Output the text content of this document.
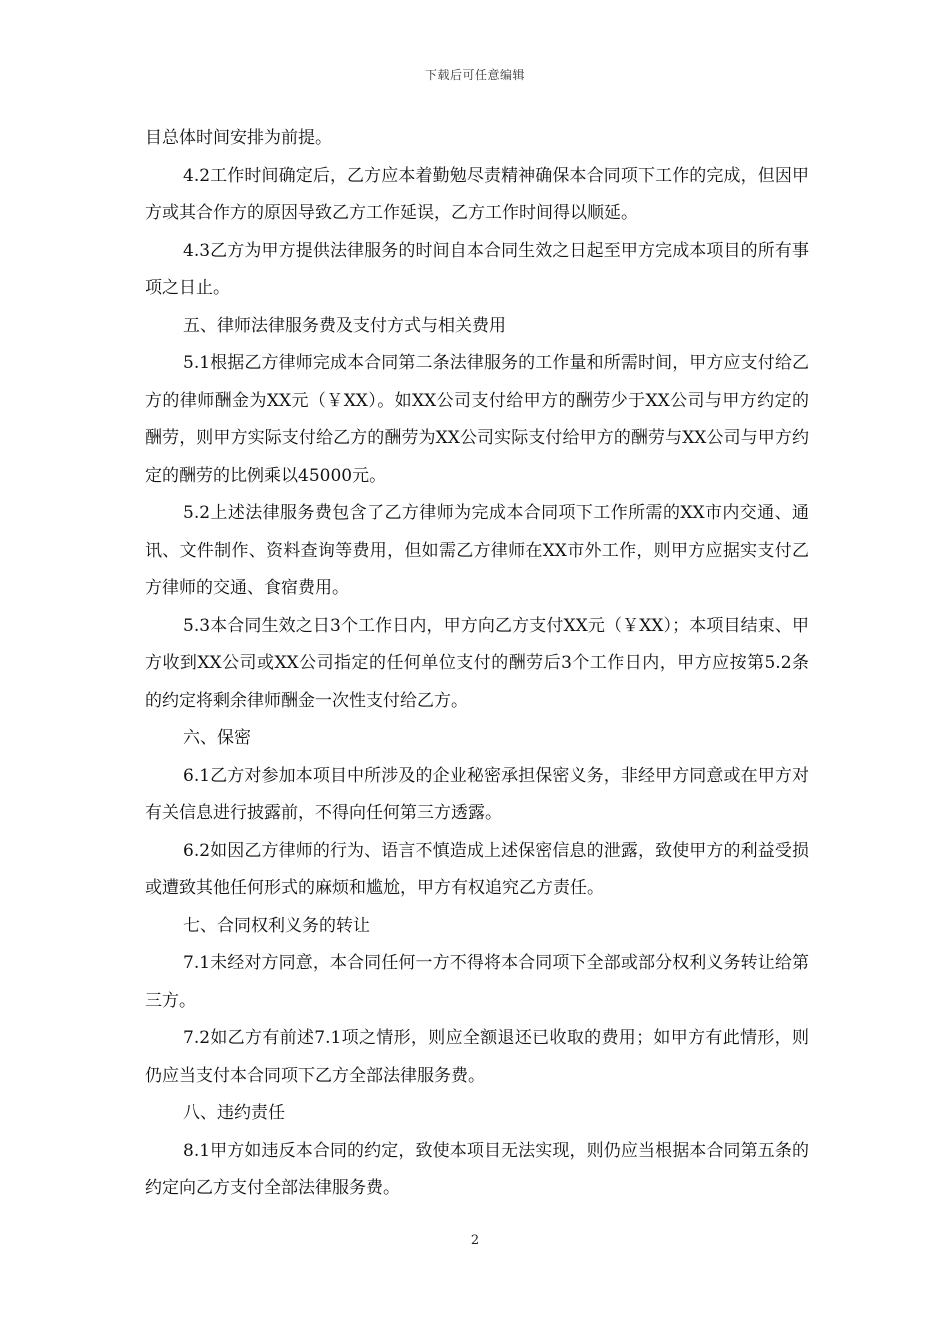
下载后可任意编辑

目总体时间安排为前提。

4.2工作时间确定后，乙方应本着勤勉尽责精神确保本合同项下工作的完成，但因甲方或其合作方的原因导致乙方工作延误，乙方工作时间得以顺延。

4.3乙方为甲方提供法律服务的时间自本合同生效之日起至甲方完成本项目的所有事项之日止。

五、律师法律服务费及支付方式与相关费用

5.1根据乙方律师完成本合同第二条法律服务的工作量和所需时间，甲方应支付给乙方的律师酬金为XX元（￥XX）。如XX公司支付给甲方的酬劳少于XX公司与甲方约定的酬劳，则甲方实际支付给乙方的酬劳为XX公司实际支付给甲方的酬劳与XX公司与甲方约定的酬劳的比例乘以45000元。

5.2上述法律服务费包含了乙方律师为完成本合同项下工作所需的XX市内交通、通讯、文件制作、资料查询等费用，但如需乙方律师在XX市外工作，则甲方应据实支付乙方律师的交通、食宿费用。

5.3本合同生效之日3个工作日内，甲方向乙方支付XX元（￥XX）；本项目结束、甲方收到XX公司或XX公司指定的任何单位支付的酬劳后3个工作日内，甲方应按第5.2条的约定将剩余律师酬金一次性支付给乙方。

六、保密

6.1乙方对参加本项目中所涉及的企业秘密承担保密义务，非经甲方同意或在甲方对有关信息进行披露前，不得向任何第三方透露。

6.2如因乙方律师的行为、语言不慎造成上述保密信息的泄露，致使甲方的利益受损或遭致其他任何形式的麻烦和尴尬，甲方有权追究乙方责任。

七、合同权利义务的转让

7.1未经对方同意，本合同任何一方不得将本合同项下全部或部分权利义务转让给第三方。

7.2如乙方有前述7.1项之情形，则应全额退还已收取的费用；如甲方有此情形，则仍应当支付本合同项下乙方全部法律服务费。

八、违约责任

8.1甲方如违反本合同的约定，致使本项目无法实现，则仍应当根据本合同第五条的约定向乙方支付全部法律服务费。

2
